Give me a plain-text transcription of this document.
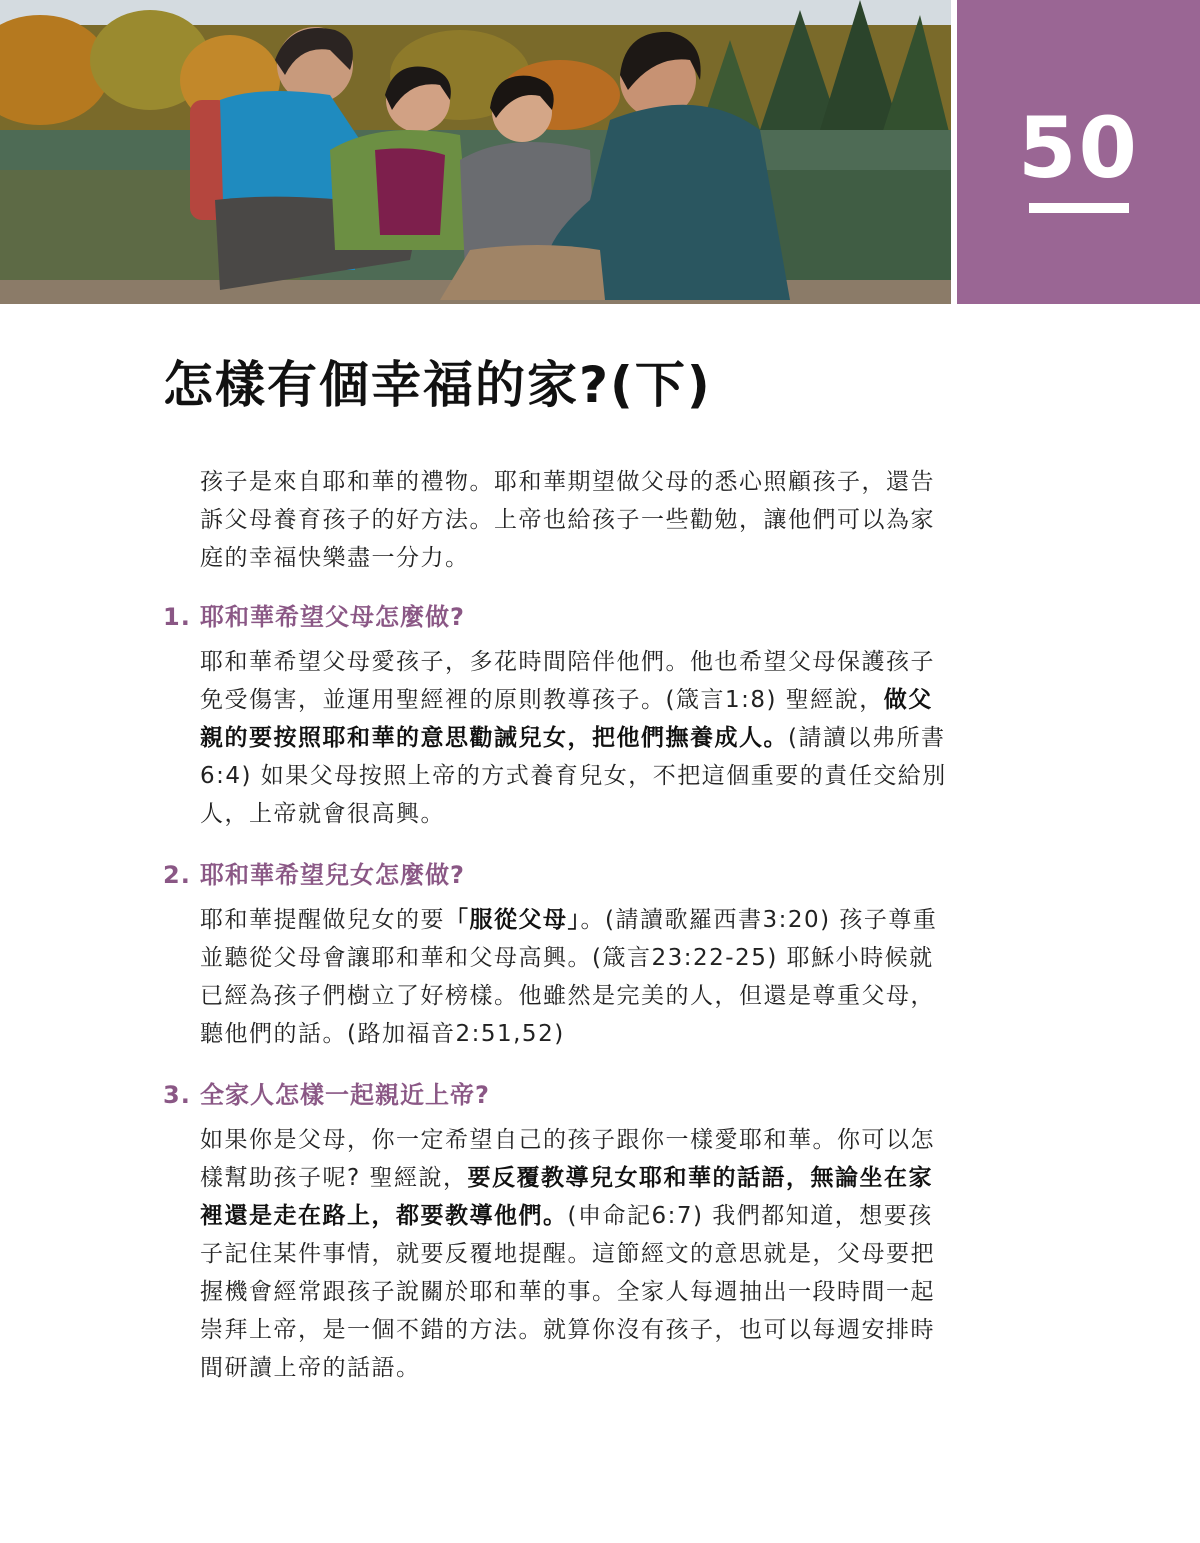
50
怎樣有個幸福的家?(下)

孩子是來自耶和華的禮物。耶和華期望做父母的悉心照顧孩子，還告訴父母養育孩子的好方法。上帝也給孩子一些勸勉，讓他們可以為家庭的幸福快樂盡一分力。

1. 耶和華希望父母怎麼做?

耶和華希望父母愛孩子，多花時間陪伴他們。他也希望父母保護孩子免受傷害，並運用聖經裡的原則教導孩子。(箴言1:8) 聖經說，做父親的要按照耶和華的意思勸誡兒女，把他們撫養成人。(請讀以弗所書6:4) 如果父母按照上帝的方式養育兒女，不把這個重要的責任交給別人，上帝就會很高興。

2. 耶和華希望兒女怎麼做?

耶和華提醒做兒女的要「服從父母」。(請讀歌羅西書3:20) 孩子尊重並聽從父母會讓耶和華和父母高興。(箴言23:22-25) 耶穌小時候就已經為孩子們樹立了好榜樣。他雖然是完美的人，但還是尊重父母，聽他們的話。(路加福音2:51,52)

3. 全家人怎樣一起親近上帝?

如果你是父母，你一定希望自己的孩子跟你一樣愛耶和華。你可以怎樣幫助孩子呢? 聖經說，要反覆教導兒女耶和華的話語，無論坐在家裡還是走在路上，都要教導他們。(申命記6:7) 我們都知道，想要孩子記住某件事情，就要反覆地提醒。這節經文的意思就是，父母要把握機會經常跟孩子說關於耶和華的事。全家人每週抽出一段時間一起崇拜上帝，是一個不錯的方法。就算你沒有孩子，也可以每週安排時間研讀上帝的話語。
